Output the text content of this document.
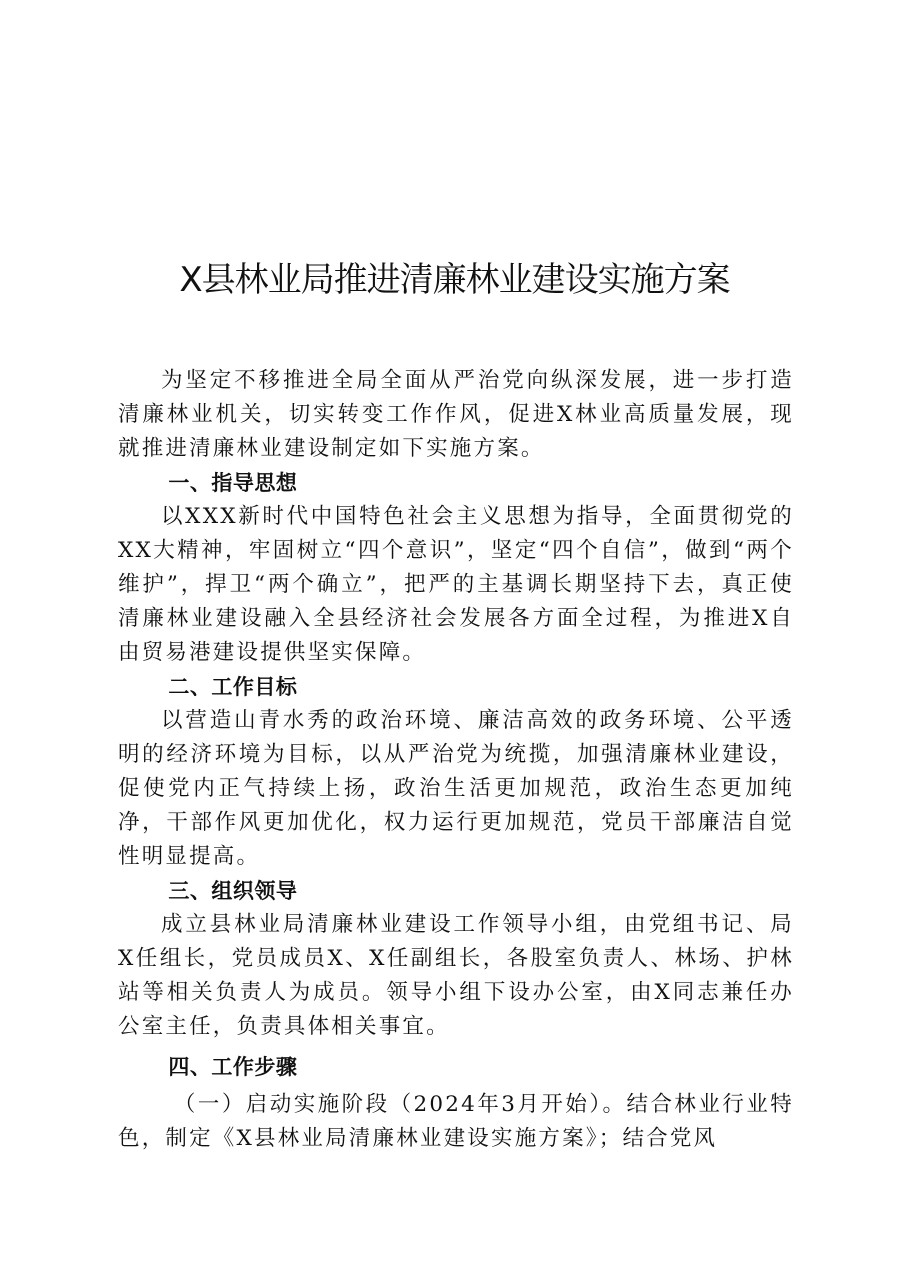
X县林业局推进清廉林业建设实施方案

为坚定不移推进全局全面从严治党向纵深发展，进一步打造清廉林业机关，切实转变工作作风，促进X林业高质量发展，现就推进清廉林业建设制定如下实施方案。

一、指导思想

以XXX新时代中国特色社会主义思想为指导，全面贯彻党的XX大精神，牢固树立“四个意识”，坚定“四个自信”，做到“两个维护”，捍卫“两个确立”，把严的主基调长期坚持下去，真正使清廉林业建设融入全县经济社会发展各方面全过程，为推进X自由贸易港建设提供坚实保障。

二、工作目标

以营造山青水秀的政治环境、廉洁高效的政务环境、公平透明的经济环境为目标，以从严治党为统揽，加强清廉林业建设，促使党内正气持续上扬，政治生活更加规范，政治生态更加纯净，干部作风更加优化，权力运行更加规范，党员干部廉洁自觉性明显提高。

三、组织领导

成立县林业局清廉林业建设工作领导小组，由党组书记、局X任组长，党员成员X、X任副组长，各股室负责人、林场、护林站等相关负责人为成员。领导小组下设办公室，由X同志兼任办公室主任，负责具体相关事宜。

四、工作步骤

（一）启动实施阶段（2024年3月开始）。结合林业行业特色，制定《X县林业局清廉林业建设实施方案》；结合党风
